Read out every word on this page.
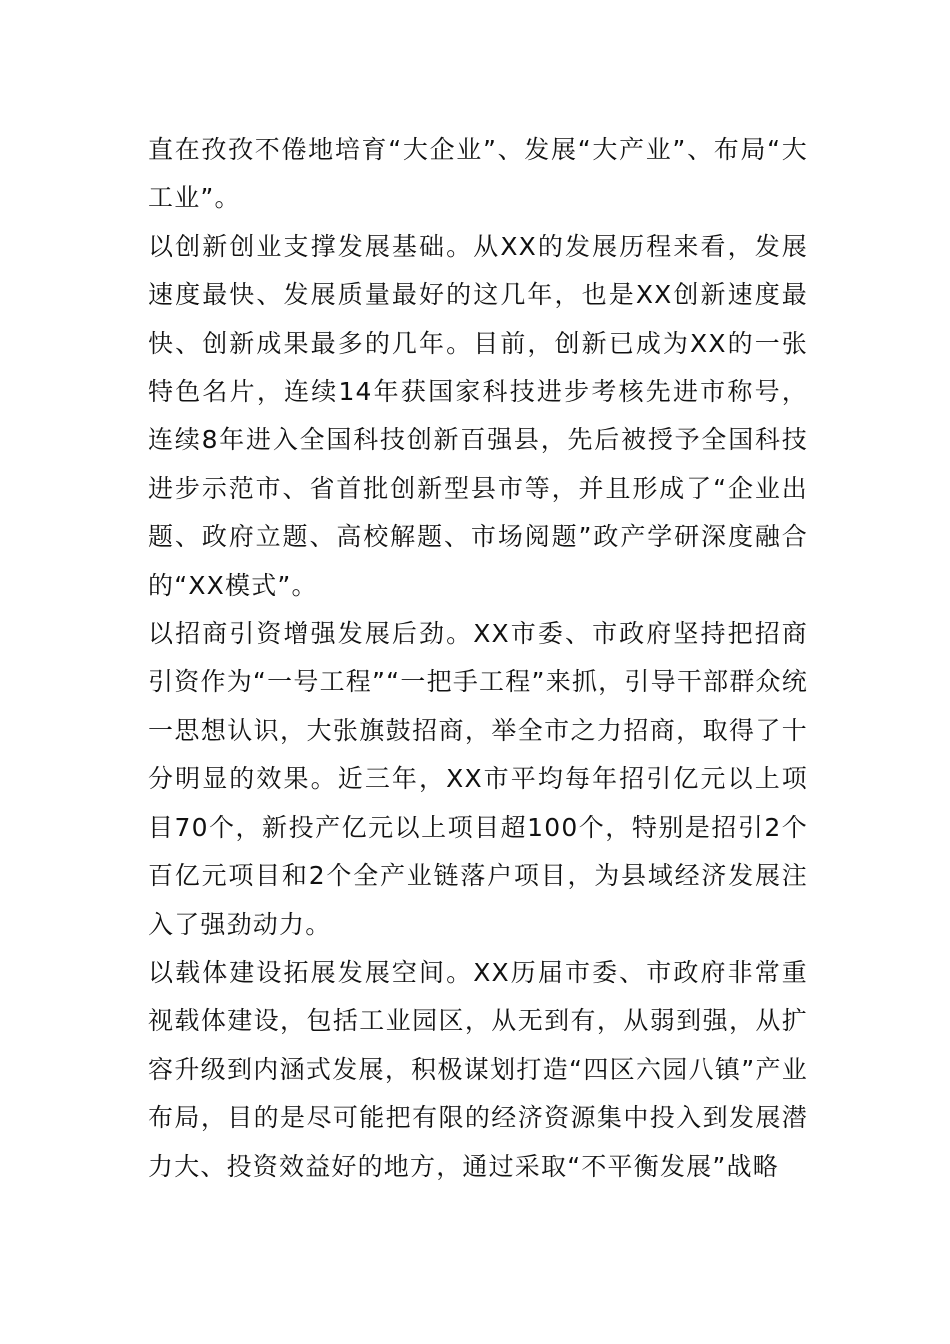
直在孜孜不倦地培育“大企业”、发展“大产业”、布局“大工业”。

以创新创业支撑发展基础。从XX的发展历程来看，发展速度最快、发展质量最好的这几年，也是XX创新速度最快、创新成果最多的几年。目前，创新已成为XX的一张特色名片，连续14年获国家科技进步考核先进市称号，连续8年进入全国科技创新百强县，先后被授予全国科技进步示范市、省首批创新型县市等，并且形成了“企业出题、政府立题、高校解题、市场阅题”政产学研深度融合的“XX模式”。

以招商引资增强发展后劲。XX市委、市政府坚持把招商引资作为“一号工程”“一把手工程”来抓，引导干部群众统一思想认识，大张旗鼓招商，举全市之力招商，取得了十分明显的效果。近三年，XX市平均每年招引亿元以上项目70个，新投产亿元以上项目超100个，特别是招引2个百亿元项目和2个全产业链落户项目，为县域经济发展注入了强劲动力。

以载体建设拓展发展空间。XX历届市委、市政府非常重视载体建设，包括工业园区，从无到有，从弱到强，从扩容升级到内涵式发展，积极谋划打造“四区六园八镇”产业布局，目的是尽可能把有限的经济资源集中投入到发展潜力大、投资效益好的地方，通过采取“不平衡发展”战略
